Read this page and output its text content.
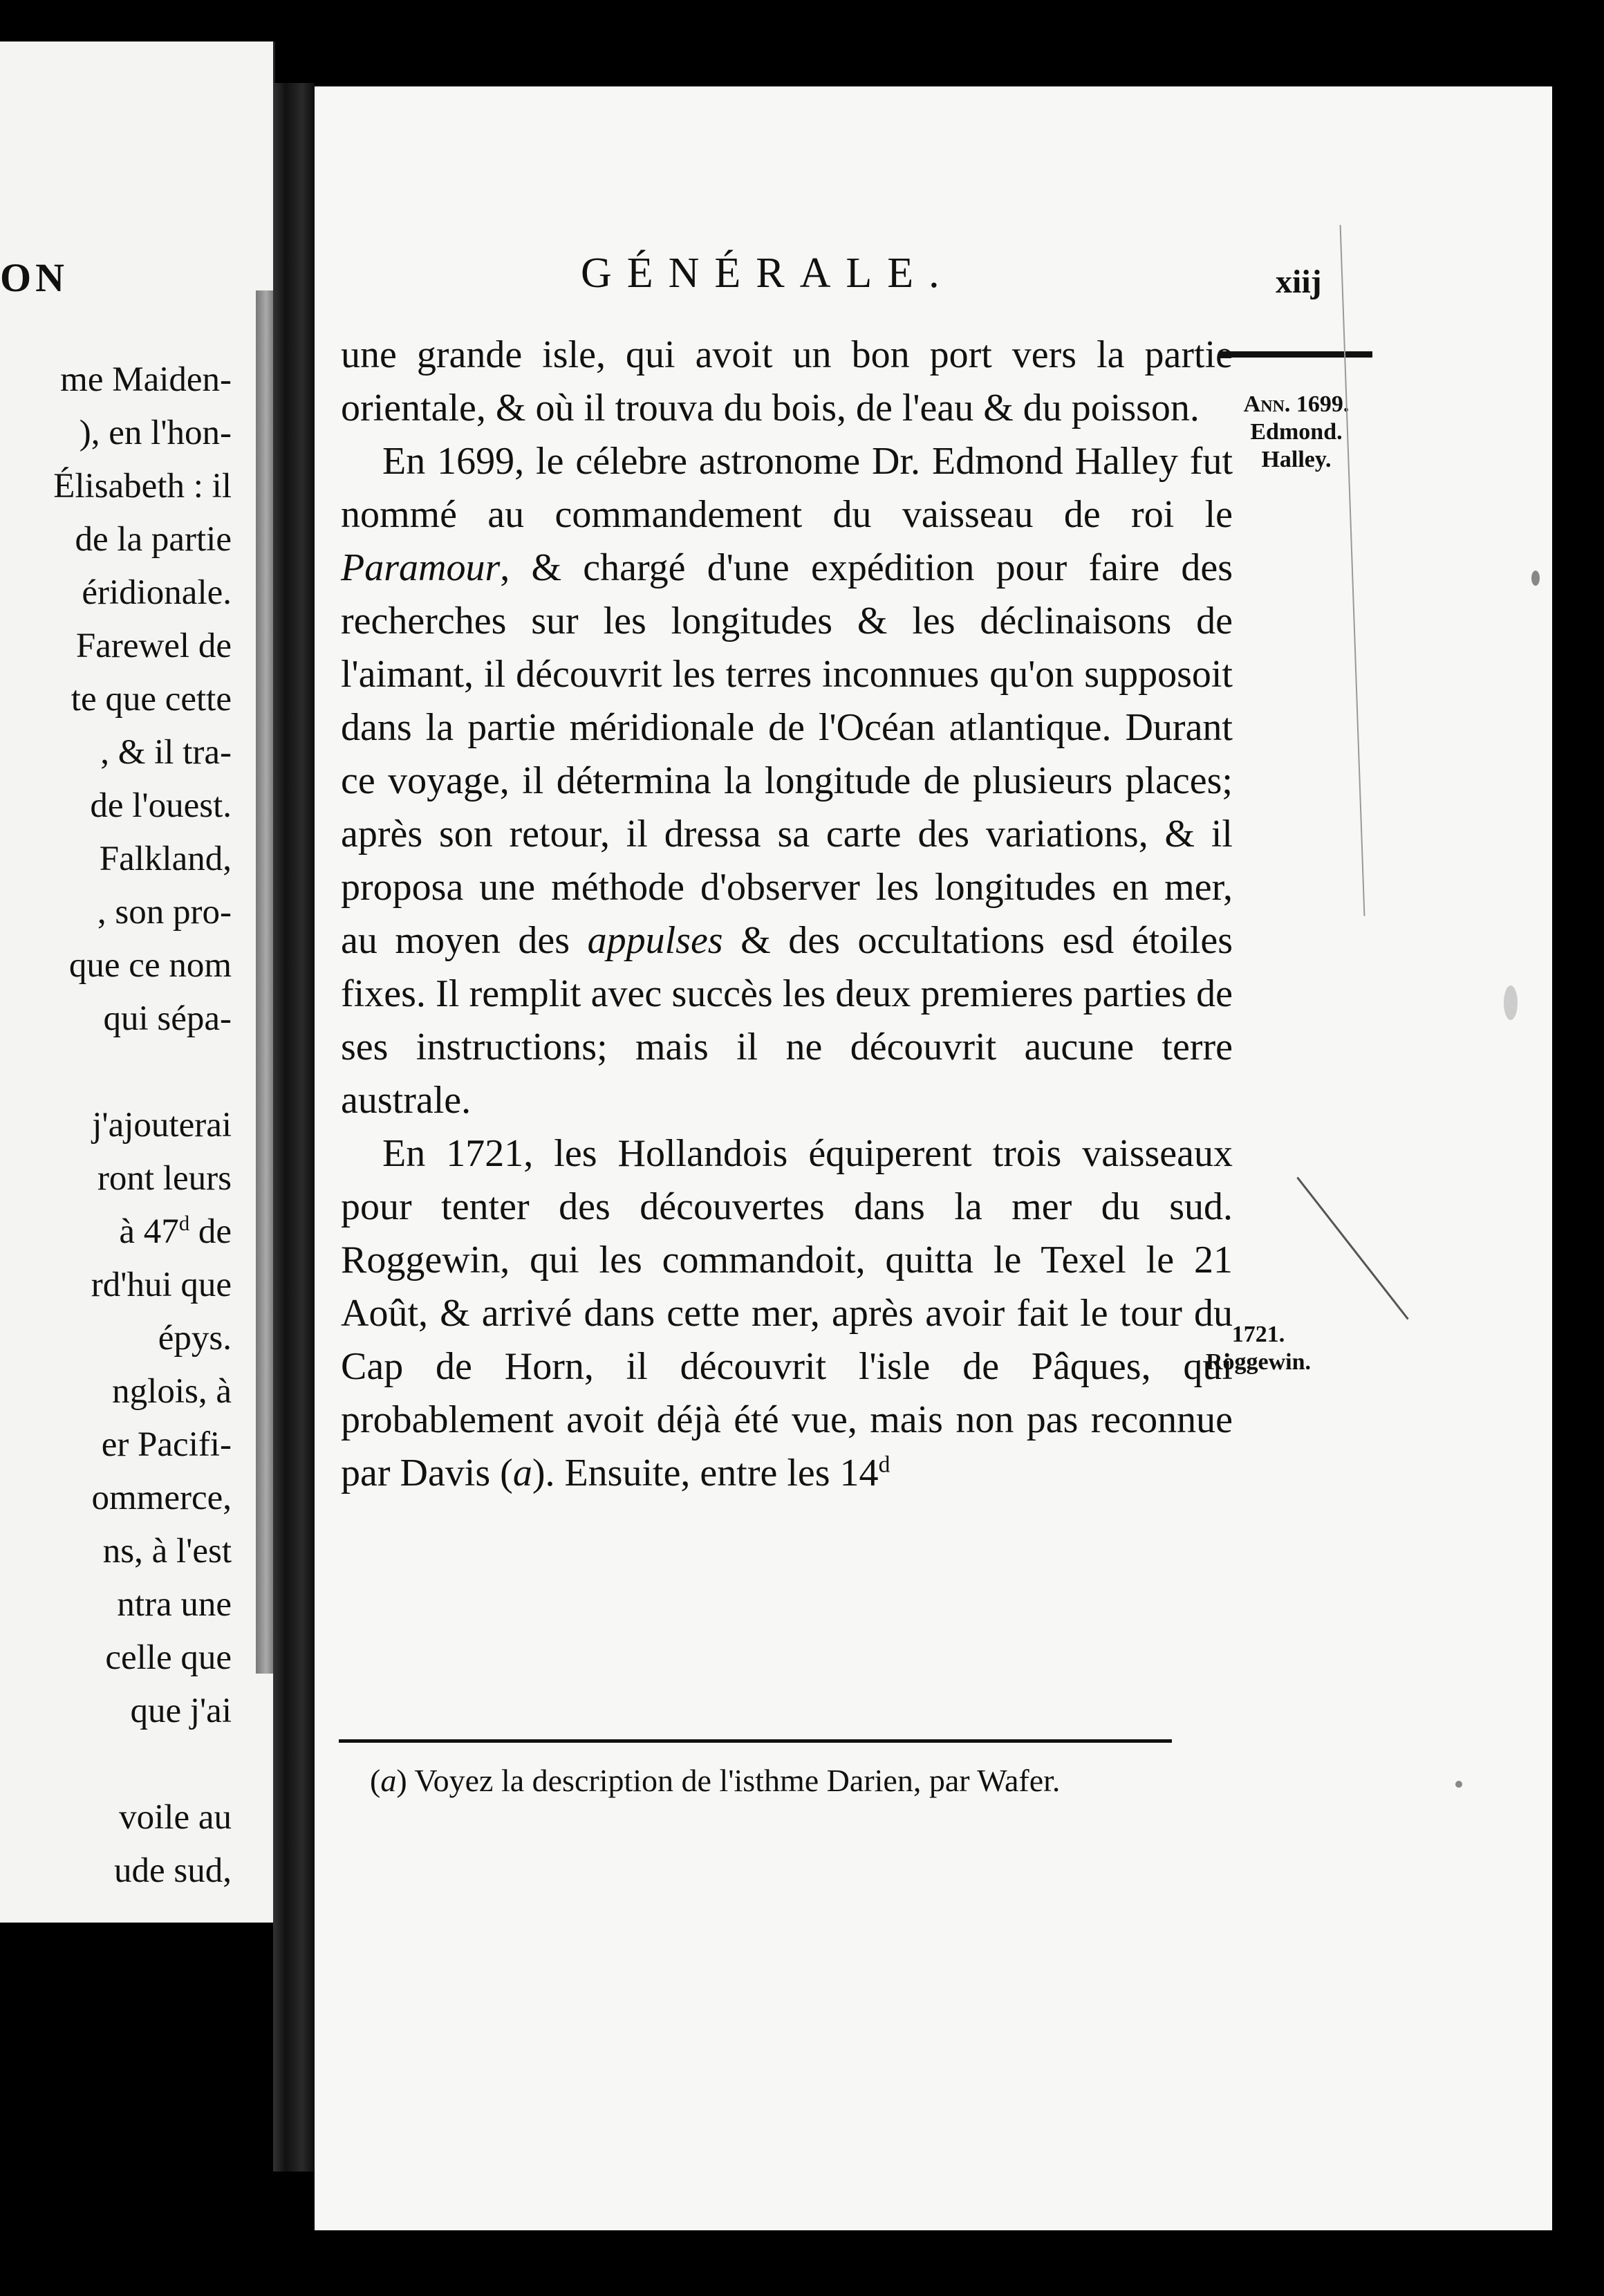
ON
me Maiden-
), en l'hon-
Élisabeth : il
de la partie
éridionale.
Farewel de
te que cette
, & il tra-
de l'ouest.
Falkland,
, son pro-
que ce nom
qui sépa-
j'ajouterai
ront leurs
à 47$^d$ de
rd'hui que
épys.
nglois, à
er Pacifi-
ommerce,
ns, à l'est
ntra une
celle que
que j'ai
voile au
ude sud,
GÉNÉRALE.	xiij

une grande isle, qui avoit un bon port vers la partie orientale, & où il trouva du bois, de l'eau & du poisson.

En 1699, le célebre astronome Dr. Edmond Halley fut nommé au commandement du vaisseau de roi le Paramour, & chargé d'une expédition pour faire des recherches sur les longitudes & les déclinaisons de l'aimant, il découvrit les terres inconnues qu'on supposoit dans la partie méridionale de l'Océan atlantique. Durant ce voyage, il détermina la longitude de plusieurs places; après son retour, il dressa sa carte des variations, & il proposa une méthode d'observer les longitudes en mer, au moyen des appulses & des occultations esd étoiles fixes. Il remplit avec succès les deux premieres parties de ses instructions; mais il ne découvrit aucune terre australe.

En 1721, les Hollandois équiperent trois vaisseaux pour tenter des découvertes dans la mer du sud. Roggewin, qui les commandoit, quitta le Texel le 21 Août, & arrivé dans cette mer, après avoir fait le tour du Cap de Horn, il découvrit l'isle de Pâques, qui probablement avoit déjà été vue, mais non pas reconnue par Davis (a). Ensuite, entre les 14$^d$

Ann. 1699.
Edmond.
Halley.
1721.
Roggewin.

(a) Voyez la description de l'isthme Darien, par Wafer.
